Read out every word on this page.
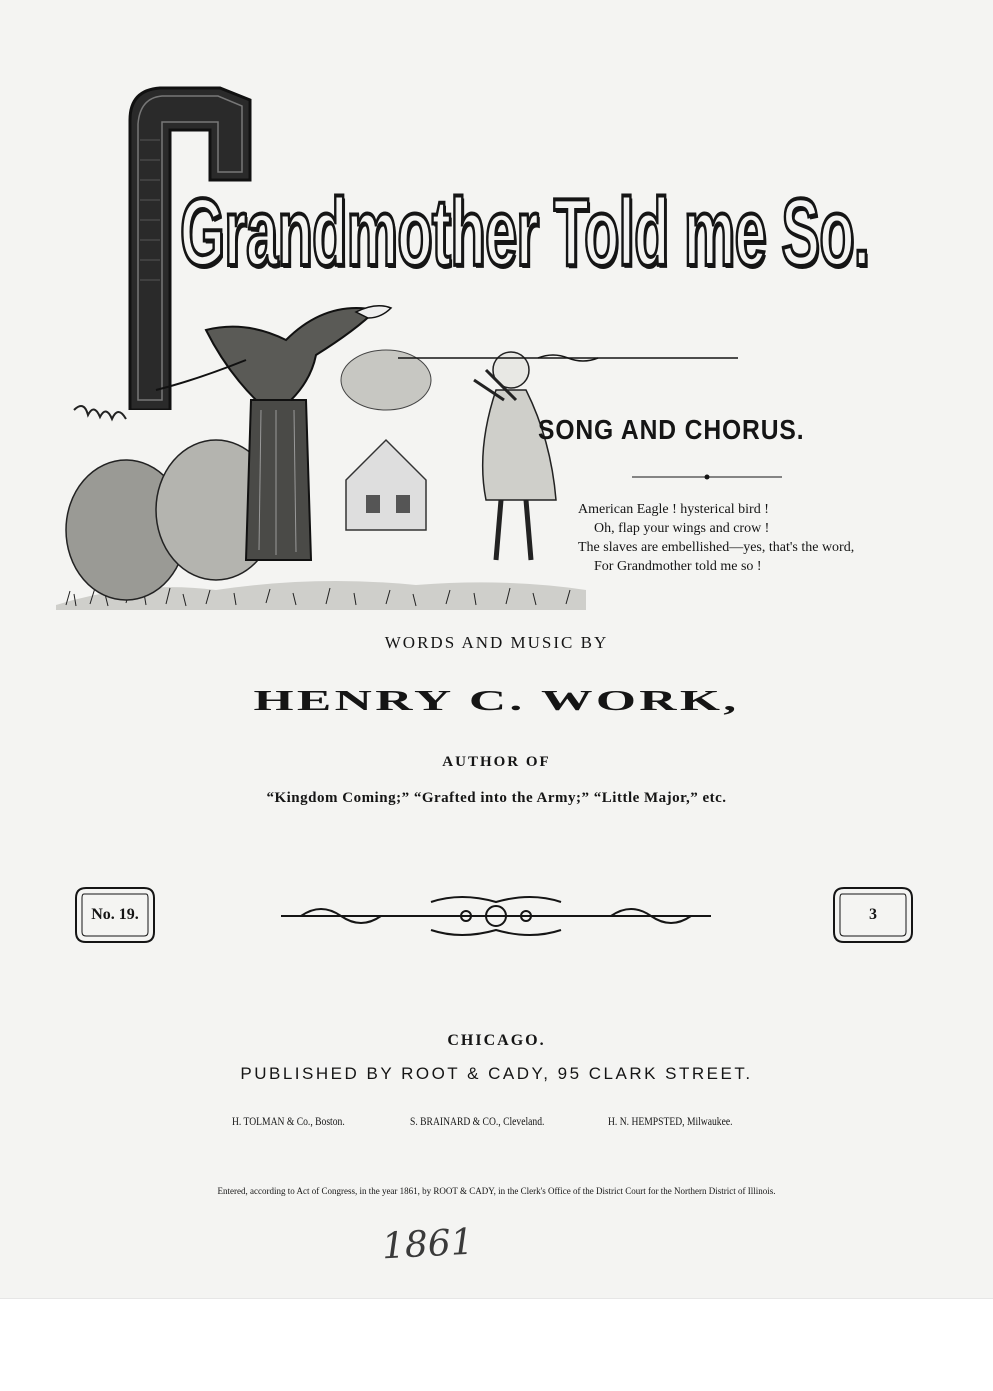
Grandmother Told me So.
SONG AND CHORUS.
American Eagle ! hysterical bird !
Oh, flap your wings and crow !
The slaves are embellished—yes, that's the word,
For Grandmother told me so !
WORDS AND MUSIC BY
HENRY C. WORK,
AUTHOR OF
“Kingdom Coming;” “Grafted into the Army;” “Little Major,” etc.
No. 19.	3
CHICAGO.
PUBLISHED BY ROOT & CADY, 95 CLARK STREET.
H. TOLMAN & Co., Boston.	S. BRAINARD & CO., Cleveland.	H. N. HEMPSTED, Milwaukee.
Entered, according to Act of Congress, in the year 1861, by ROOT & CADY, in the Clerk's Office of the District Court for the Northern District of Illinois.
1861
